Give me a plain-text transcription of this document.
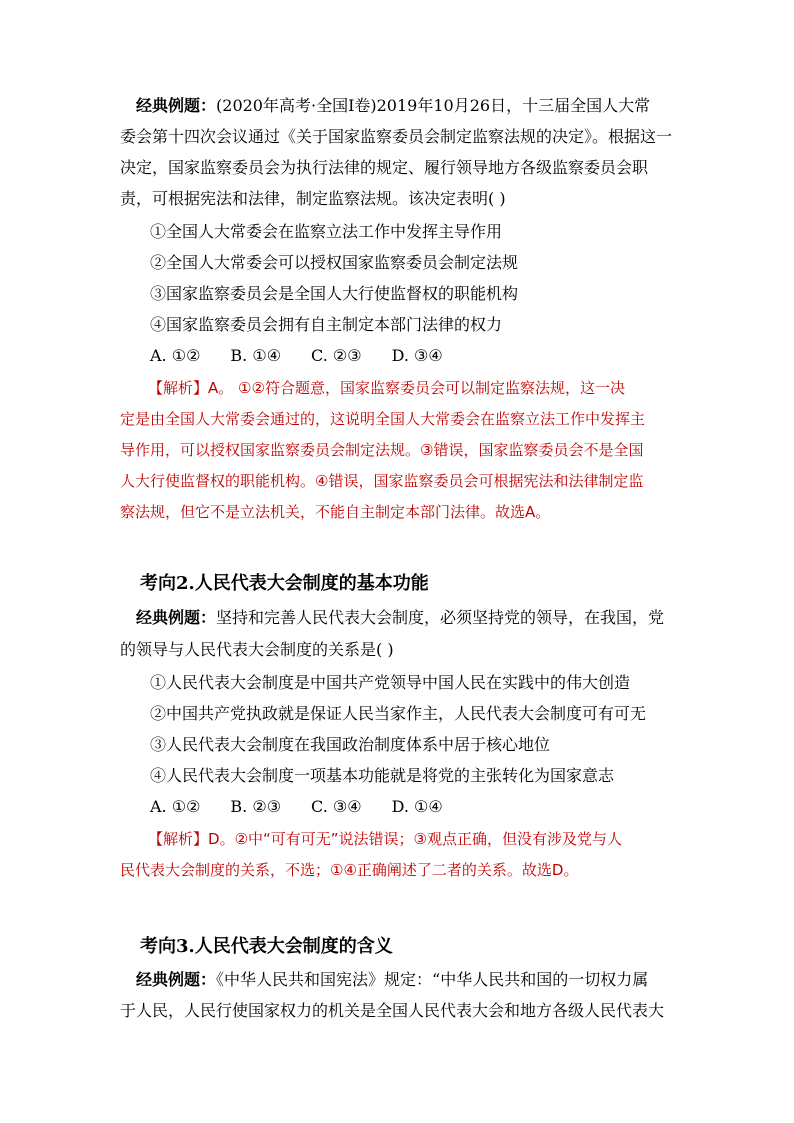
经典例题：(2020年高考·全国Ⅰ卷)2019年10月26日，十三届全国人大常
委会第十四次会议通过《关于国家监察委员会制定监察法规的决定》。根据这一
决定，国家监察委员会为执行法律的规定、履行领导地方各级监察委员会职
责，可根据宪法和法律，制定监察法规。该决定表明( )
①全国人大常委会在监察立法工作中发挥主导作用
②全国人大常委会可以授权国家监察委员会制定法规
③国家监察委员会是全国人大行使监督权的职能机构
④国家监察委员会拥有自主制定本部门法律的权力
A. ①② B. ①④ C. ②③ D. ③④
【解析】A。 ①②符合题意，国家监察委员会可以制定监察法规，这一决
定是由全国人大常委会通过的，这说明全国人大常委会在监察立法工作中发挥主
导作用，可以授权国家监察委员会制定法规。③错误，国家监察委员会不是全国
人大行使监督权的职能机构。④错误，国家监察委员会可根据宪法和法律制定监
察法规，但它不是立法机关，不能自主制定本部门法律。故选A。
考向2.人民代表大会制度的基本功能
经典例题：坚持和完善人民代表大会制度，必须坚持党的领导，在我国，党
的领导与人民代表大会制度的关系是( )
①人民代表大会制度是中国共产党领导中国人民在实践中的伟大创造
②中国共产党执政就是保证人民当家作主，人民代表大会制度可有可无
③人民代表大会制度在我国政治制度体系中居于核心地位
④人民代表大会制度一项基本功能就是将党的主张转化为国家意志
A. ①② B. ②③ C. ③④ D. ①④
【解析】D。②中“可有可无”说法错误；③观点正确，但没有涉及党与人
民代表大会制度的关系，不选；①④正确阐述了二者的关系。故选D。
考向3.人民代表大会制度的含义
经典例题：《中华人民共和国宪法》规定：“中华人民共和国的一切权力属
于人民，人民行使国家权力的机关是全国人民代表大会和地方各级人民代表大
